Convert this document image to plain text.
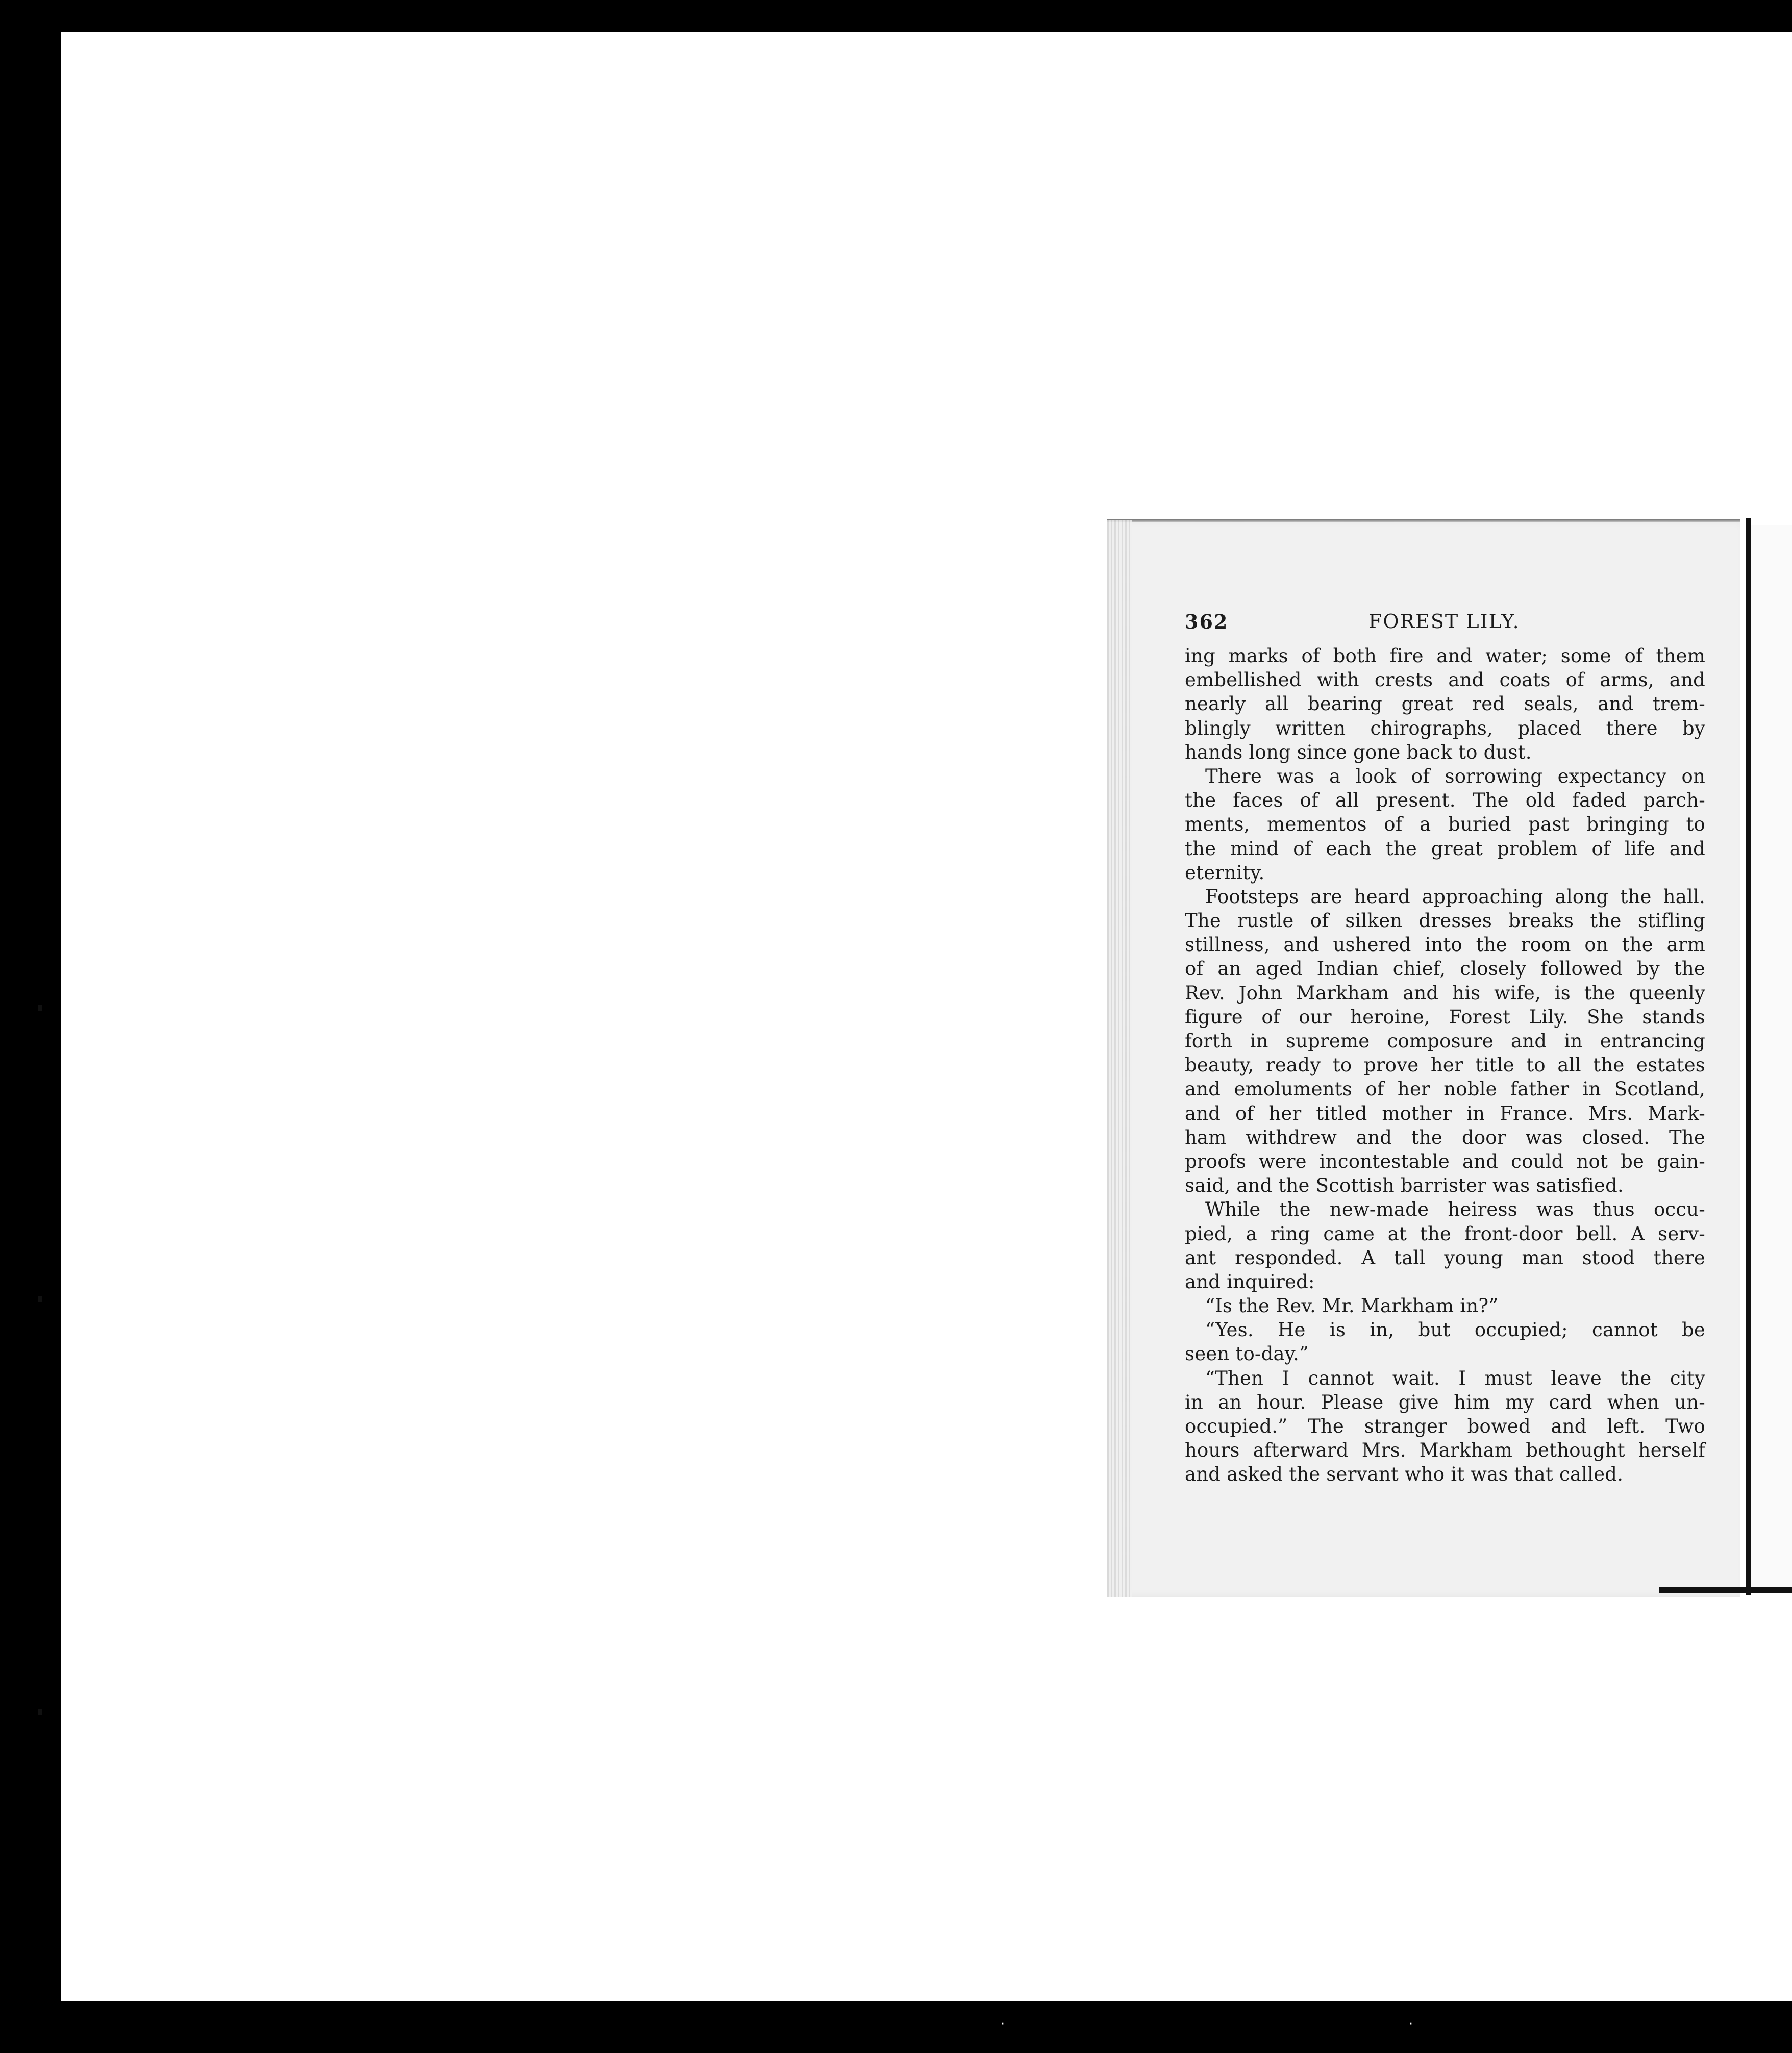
362	FOREST LILY.
ing marks of both fire and water; some of them
embellished with crests and coats of arms, and
nearly all bearing great red seals, and trem-
blingly written chirographs, placed there by
hands long since gone back to dust.
There was a look of sorrowing expectancy on
the faces of all present. The old faded parch-
ments, mementos of a buried past bringing to
the mind of each the great problem of life and
eternity.
Footsteps are heard approaching along the hall.
The rustle of silken dresses breaks the stifling
stillness, and ushered into the room on the arm
of an aged Indian chief, closely followed by the
Rev. John Markham and his wife, is the queenly
figure of our heroine, Forest Lily. She stands
forth in supreme composure and in entrancing
beauty, ready to prove her title to all the estates
and emoluments of her noble father in Scotland,
and of her titled mother in France. Mrs. Mark-
ham withdrew and the door was closed. The
proofs were incontestable and could not be gain-
said, and the Scottish barrister was satisfied.
While the new-made heiress was thus occu-
pied, a ring came at the front-door bell. A serv-
ant responded. A tall young man stood there
and inquired:
“Is the Rev. Mr. Markham in?”
“Yes. He is in, but occupied; cannot be
seen to-day.”
“Then I cannot wait. I must leave the city
in an hour. Please give him my card when un-
occupied.” The stranger bowed and left. Two
hours afterward Mrs. Markham bethought herself
and asked the servant who it was that called.
·	·
